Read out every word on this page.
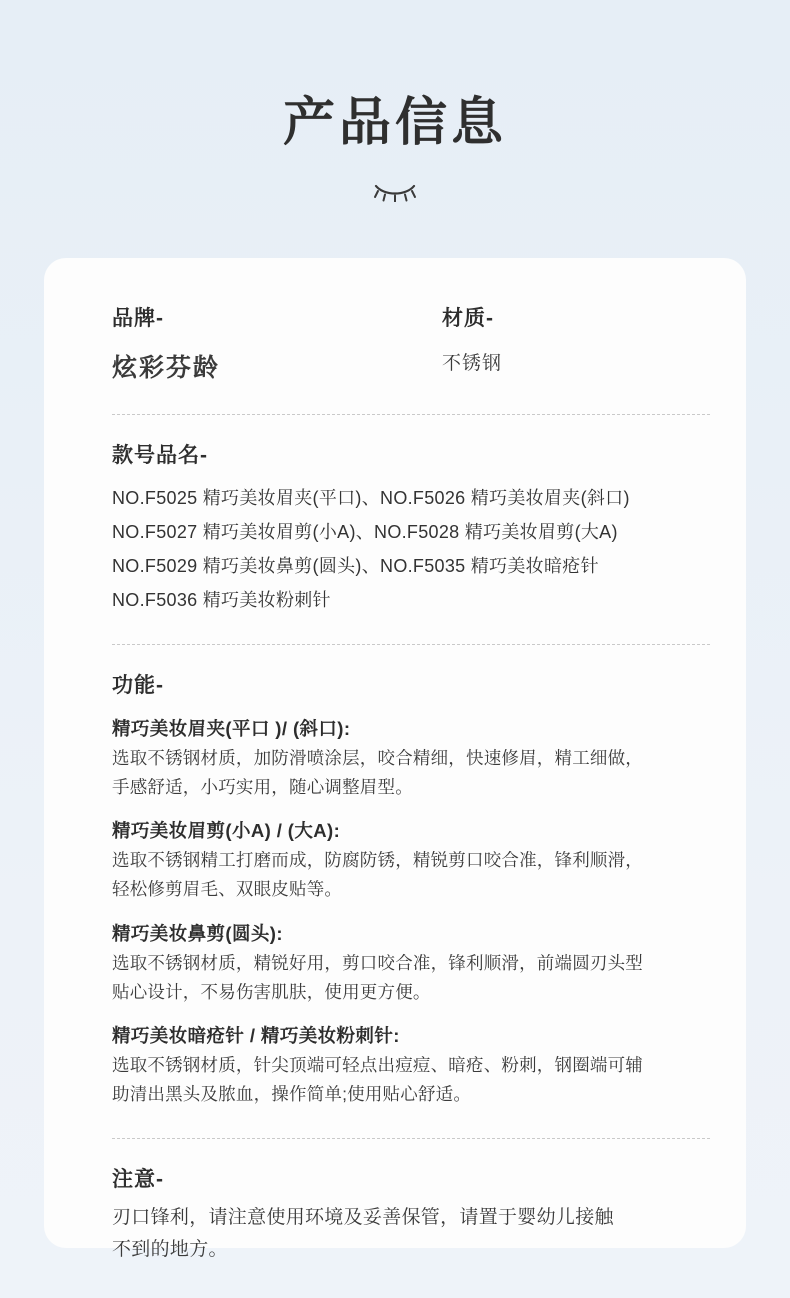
产品信息
品牌-
炫彩芬龄
材质-
不锈钢
款号品名-

NO.F5025 精巧美妆眉夹(平口)、NO.F5026 精巧美妆眉夹(斜口)

NO.F5027 精巧美妆眉剪(小A)、NO.F5028 精巧美妆眉剪(大A)

NO.F5029 精巧美妆鼻剪(圆头)、NO.F5035 精巧美妆暗疮针

NO.F5036 精巧美妆粉刺针

功能-
精巧美妆眉夹(平口 )/ (斜口):

选取不锈钢材质，加防滑喷涂层，咬合精细，快速修眉，精工细做，

手感舒适，小巧实用，随心调整眉型。

精巧美妆眉剪(小A) / (大A):

选取不锈钢精工打磨而成，防腐防锈，精锐剪口咬合准，锋利顺滑，

轻松修剪眉毛、双眼皮贴等。

精巧美妆鼻剪(圆头):

选取不锈钢材质，精锐好用，剪口咬合准，锋利顺滑，前端圆刃头型

贴心设计，不易伤害肌肤，使用更方便。

精巧美妆暗疮针 / 精巧美妆粉刺针:

选取不锈钢材质，针尖顶端可轻点出痘痘、暗疮、粉刺，钢圈端可辅

助清出黑头及脓血，操作简单;使用贴心舒适。

注意-

刃口锋利，请注意使用环境及妥善保管，请置于婴幼儿接触

不到的地方。
